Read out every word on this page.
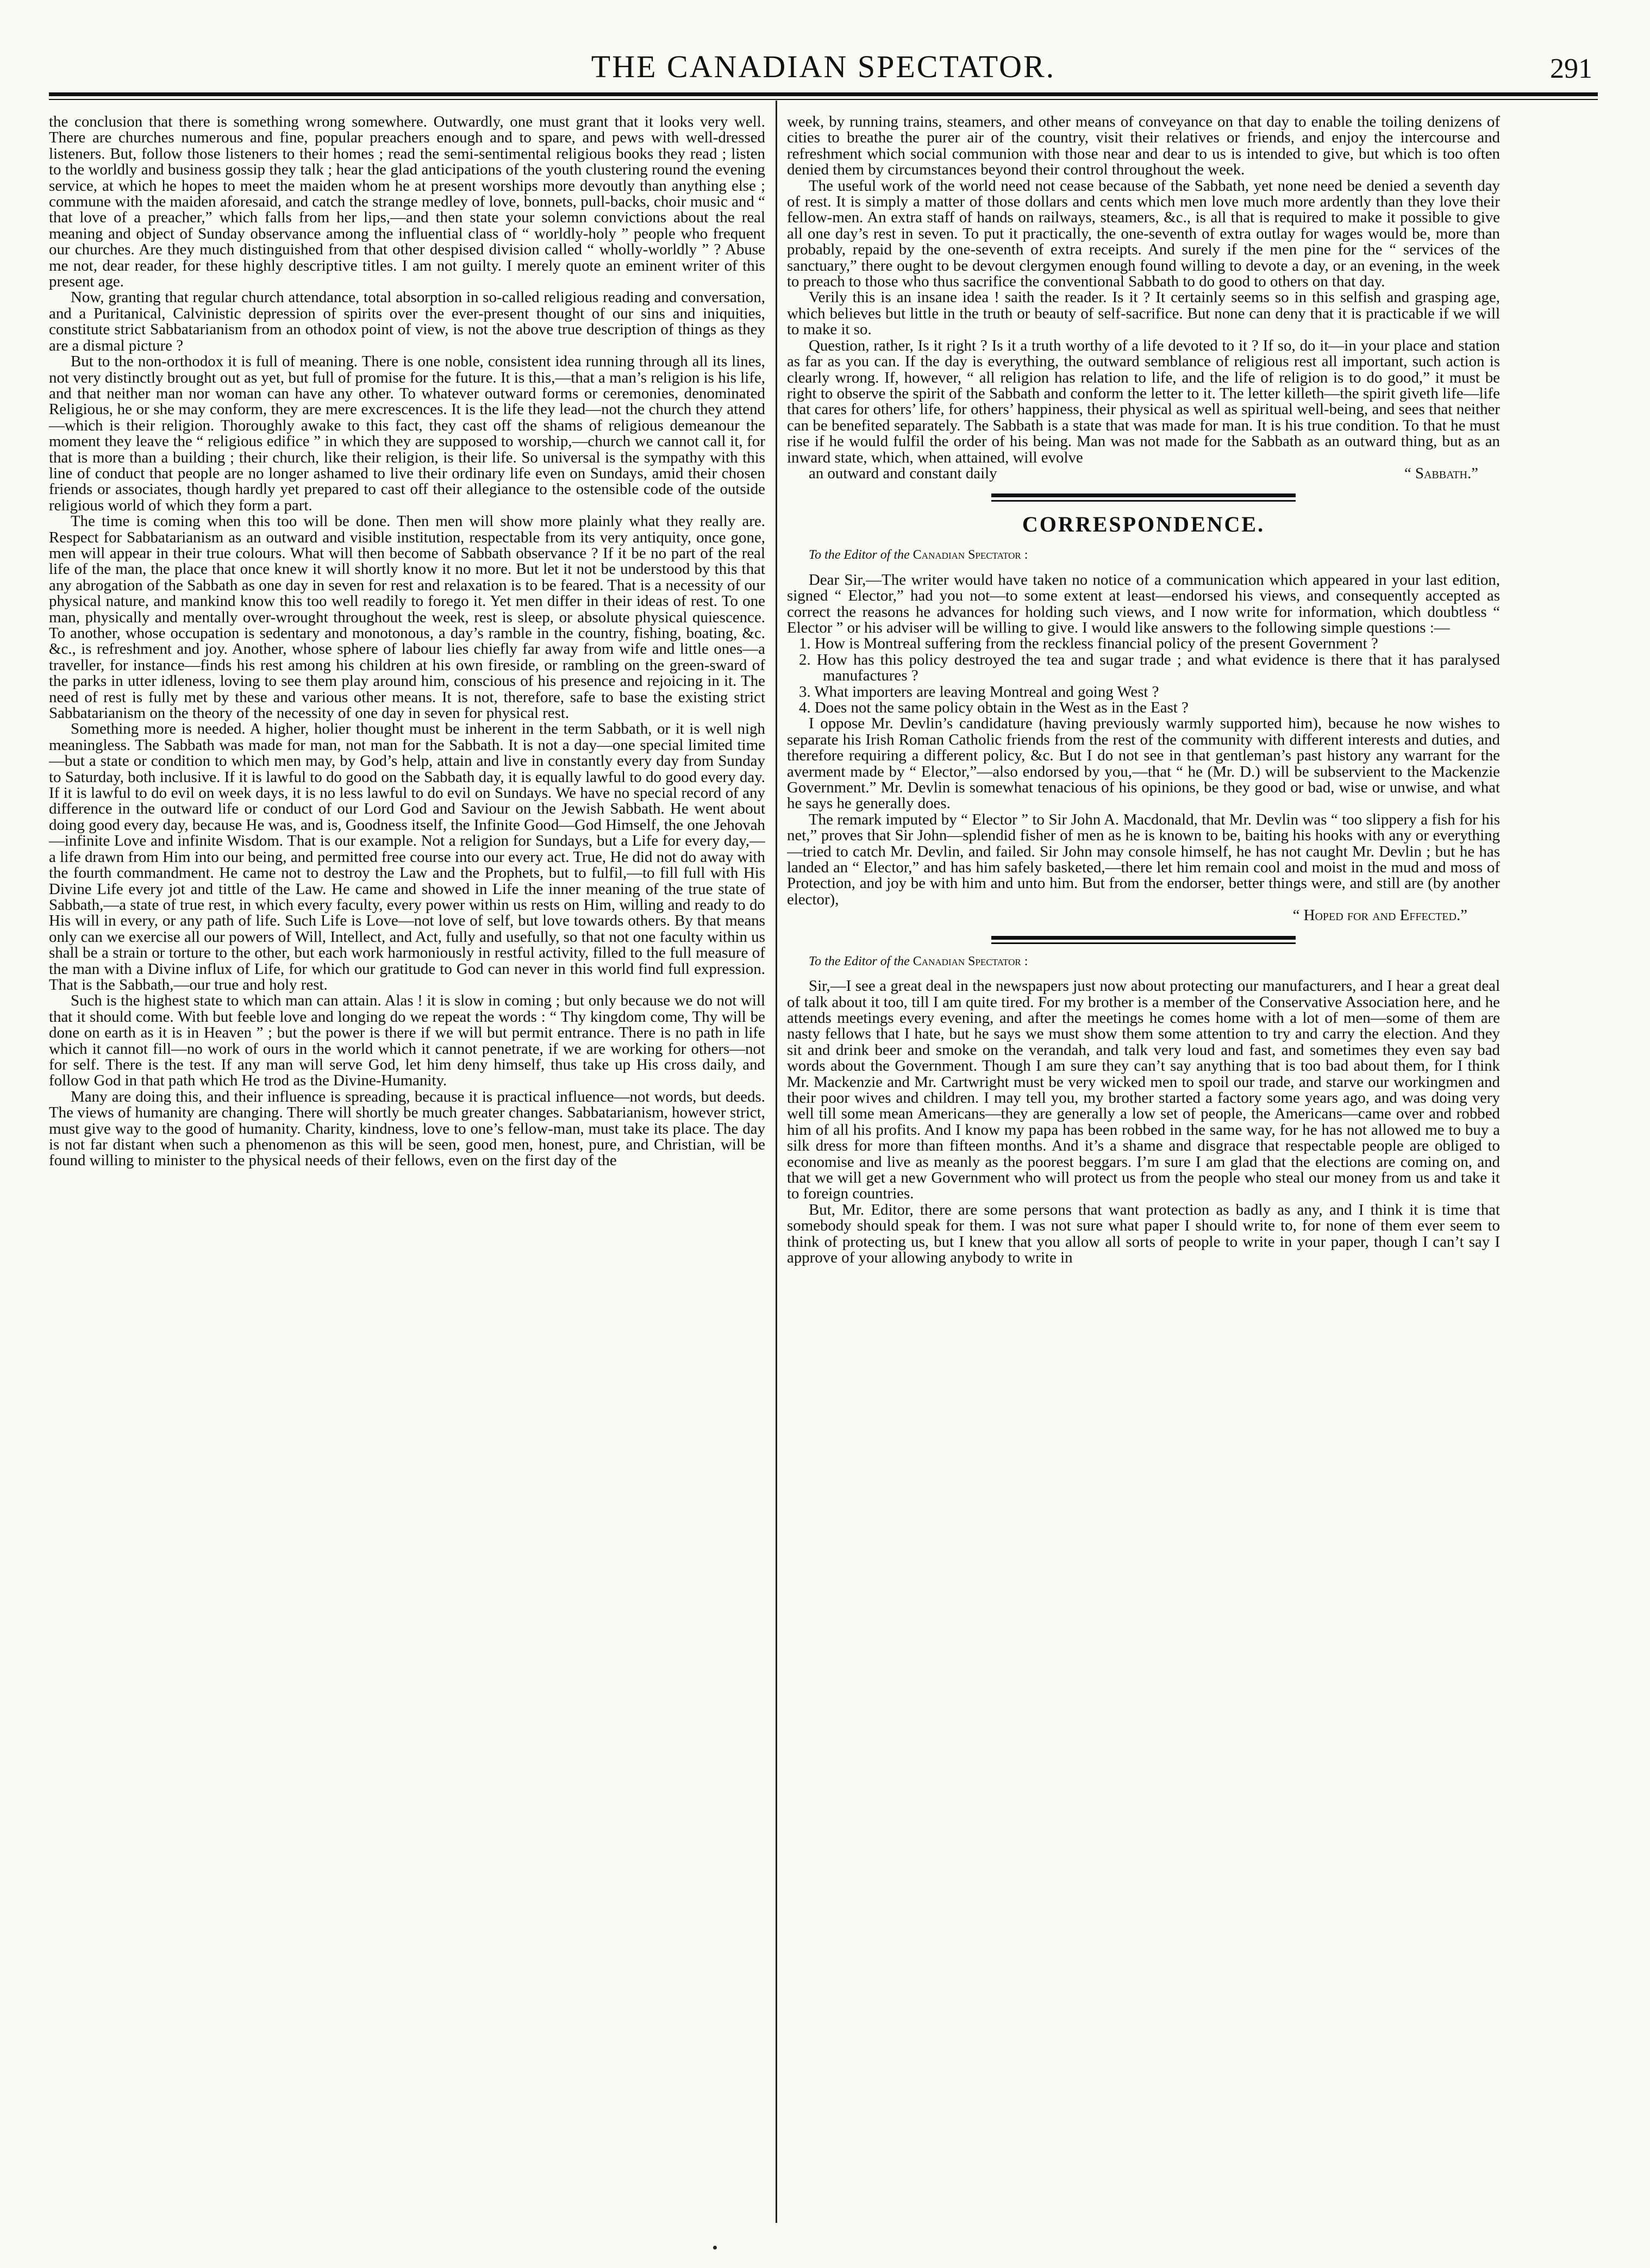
THE CANADIAN SPECTATOR.	291

the conclusion that there is something wrong somewhere. Outwardly, one must grant that it looks very well. There are churches numerous and fine, popular preachers enough and to spare, and pews with well-dressed listeners. But, follow those listeners to their homes ; read the semi-sentimental religious books they read ; listen to the worldly and business gossip they talk ; hear the glad anticipations of the youth clustering round the evening service, at which he hopes to meet the maiden whom he at present worships more devoutly than anything else ; commune with the maiden aforesaid, and catch the strange medley of love, bonnets, pull-backs, choir music and “ that love of a preacher,” which falls from her lips,—and then state your solemn convictions about the real meaning and object of Sunday observance among the influential class of “ worldly-holy ” people who frequent our churches. Are they much distinguished from that other despised division called “ wholly-worldly ” ? Abuse me not, dear reader, for these highly descriptive titles. I am not guilty. I merely quote an eminent writer of this present age.

Now, granting that regular church attendance, total absorption in so-called religious reading and conversation, and a Puritanical, Calvinistic depression of spirits over the ever-present thought of our sins and iniquities, constitute strict Sabbatarianism from an othodox point of view, is not the above true description of things as they are a dismal picture ?

But to the non-orthodox it is full of meaning. There is one noble, consistent idea running through all its lines, not very distinctly brought out as yet, but full of promise for the future. It is this,—that a man’s religion is his life, and that neither man nor woman can have any other. To whatever outward forms or ceremonies, denominated Religious, he or she may conform, they are mere excrescences. It is the life they lead—not the church they attend—which is their religion. Thoroughly awake to this fact, they cast off the shams of religious demeanour the moment they leave the “ religious edifice ” in which they are supposed to worship,—church we cannot call it, for that is more than a building ; their church, like their religion, is their life. So universal is the sympathy with this line of conduct that people are no longer ashamed to live their ordinary life even on Sundays, amid their chosen friends or associates, though hardly yet prepared to cast off their allegiance to the ostensible code of the outside religious world of which they form a part.

The time is coming when this too will be done. Then men will show more plainly what they really are. Respect for Sabbatarianism as an outward and visible institution, respectable from its very antiquity, once gone, men will appear in their true colours. What will then become of Sabbath observance ? If it be no part of the real life of the man, the place that once knew it will shortly know it no more. But let it not be understood by this that any abrogation of the Sabbath as one day in seven for rest and relaxation is to be feared. That is a necessity of our physical nature, and mankind know this too well readily to forego it. Yet men differ in their ideas of rest. To one man, physically and mentally over-wrought throughout the week, rest is sleep, or absolute physical quiescence. To another, whose occupation is sedentary and monotonous, a day’s ramble in the country, fishing, boating, &c. &c., is refreshment and joy. Another, whose sphere of labour lies chiefly far away from wife and little ones—a traveller, for instance—finds his rest among his children at his own fireside, or rambling on the green-sward of the parks in utter idleness, loving to see them play around him, conscious of his presence and rejoicing in it. The need of rest is fully met by these and various other means. It is not, therefore, safe to base the existing strict Sabbatarianism on the theory of the necessity of one day in seven for physical rest.

Something more is needed. A higher, holier thought must be inherent in the term Sabbath, or it is well nigh meaningless. The Sabbath was made for man, not man for the Sabbath. It is not a day—one special limited time—but a state or condition to which men may, by God’s help, attain and live in constantly every day from Sunday to Saturday, both inclusive. If it is lawful to do good on the Sabbath day, it is equally lawful to do good every day. If it is lawful to do evil on week days, it is no less lawful to do evil on Sundays. We have no special record of any difference in the outward life or conduct of our Lord God and Saviour on the Jewish Sabbath. He went about doing good every day, because He was, and is, Goodness itself, the Infinite Good—God Himself, the one Jehovah—infinite Love and infinite Wisdom. That is our example. Not a religion for Sundays, but a Life for every day,—a life drawn from Him into our being, and permitted free course into our every act. True, He did not do away with the fourth commandment. He came not to destroy the Law and the Prophets, but to fulfil,—to fill full with His Divine Life every jot and tittle of the Law. He came and showed in Life the inner meaning of the true state of Sabbath,—a state of true rest, in which every faculty, every power within us rests on Him, willing and ready to do His will in every, or any path of life. Such Life is Love—not love of self, but love towards others. By that means only can we exercise all our powers of Will, Intellect, and Act, fully and usefully, so that not one faculty within us shall be a strain or torture to the other, but each work harmoniously in restful activity, filled to the full measure of the man with a Divine influx of Life, for which our gratitude to God can never in this world find full expression. That is the Sabbath,—our true and holy rest.

Such is the highest state to which man can attain. Alas ! it is slow in coming ; but only because we do not will that it should come. With but feeble love and longing do we repeat the words : “ Thy kingdom come, Thy will be done on earth as it is in Heaven ” ; but the power is there if we will but permit entrance. There is no path in life which it cannot fill—no work of ours in the world which it cannot penetrate, if we are working for others—not for self. There is the test. If any man will serve God, let him deny himself, thus take up His cross daily, and follow God in that path which He trod as the Divine-Humanity.

Many are doing this, and their influence is spreading, because it is practical influence—not words, but deeds. The views of humanity are changing. There will shortly be much greater changes. Sabbatarianism, however strict, must give way to the good of humanity. Charity, kindness, love to one’s fellow-man, must take its place. The day is not far distant when such a phenomenon as this will be seen, good men, honest, pure, and Christian, will be found willing to minister to the physical needs of their fellows, even on the first day of the

week, by running trains, steamers, and other means of conveyance on that day to enable the toiling denizens of cities to breathe the purer air of the country, visit their relatives or friends, and enjoy the intercourse and refreshment which social communion with those near and dear to us is intended to give, but which is too often denied them by circumstances beyond their control throughout the week.

The useful work of the world need not cease because of the Sabbath, yet none need be denied a seventh day of rest. It is simply a matter of those dollars and cents which men love much more ardently than they love their fellow-men. An extra staff of hands on railways, steamers, &c., is all that is required to make it possible to give all one day’s rest in seven. To put it practically, the one-seventh of extra outlay for wages would be, more than probably, repaid by the one-seventh of extra receipts. And surely if the men pine for the “ services of the sanctuary,” there ought to be devout clergymen enough found willing to devote a day, or an evening, in the week to preach to those who thus sacrifice the conventional Sabbath to do good to others on that day.

Verily this is an insane idea ! saith the reader. Is it ? It certainly seems so in this selfish and grasping age, which believes but little in the truth or beauty of self-sacrifice. But none can deny that it is practicable if we will to make it so.

Question, rather, Is it right ? Is it a truth worthy of a life devoted to it ? If so, do it—in your place and station as far as you can. If the day is everything, the outward semblance of religious rest all important, such action is clearly wrong. If, however, “ all religion has relation to life, and the life of religion is to do good,” it must be right to observe the spirit of the Sabbath and conform the letter to it. The letter killeth—the spirit giveth life—life that cares for others’ life, for others’ happiness, their physical as well as spiritual well-being, and sees that neither can be benefited separately. The Sabbath is a state that was made for man. It is his true condition. To that he must rise if he would fulfil the order of his being. Man was not made for the Sabbath as an outward thing, but as an inward state, which, when attained, will evolve

an outward and constant daily	“ Sabbath.”

CORRESPONDENCE.

To the Editor of the Canadian Spectator :

Dear Sir,—The writer would have taken no notice of a communication which appeared in your last edition, signed “ Elector,” had you not—to some extent at least—endorsed his views, and consequently accepted as correct the reasons he advances for holding such views, and I now write for information, which doubtless “ Elector ” or his adviser will be willing to give. I would like answers to the following simple questions :—

1. How is Montreal suffering from the reckless financial policy of the present Government ?
2. How has this policy destroyed the tea and sugar trade ; and what evidence is there that it has paralysed manufactures ?
3. What importers are leaving Montreal and going West ?
4. Does not the same policy obtain in the West as in the East ?

I oppose Mr. Devlin’s candidature (having previously warmly supported him), because he now wishes to separate his Irish Roman Catholic friends from the rest of the community with different interests and duties, and therefore requiring a different policy, &c. But I do not see in that gentleman’s past history any warrant for the averment made by “ Elector,”—also endorsed by you,—that “ he (Mr. D.) will be subservient to the Mackenzie Government.” Mr. Devlin is somewhat tenacious of his opinions, be they good or bad, wise or unwise, and what he says he generally does.

The remark imputed by “ Elector ” to Sir John A. Macdonald, that Mr. Devlin was “ too slippery a fish for his net,” proves that Sir John—splendid fisher of men as he is known to be, baiting his hooks with any or everything—tried to catch Mr. Devlin, and failed. Sir John may console himself, he has not caught Mr. Devlin ; but he has landed an “ Elector,” and has him safely basketed,—there let him remain cool and moist in the mud and moss of Protection, and joy be with him and unto him. But from the endorser, better things were, and still are (by another elector),

“ Hoped for and Effected.”

To the Editor of the Canadian Spectator :

Sir,—I see a great deal in the newspapers just now about protecting our manufacturers, and I hear a great deal of talk about it too, till I am quite tired. For my brother is a member of the Conservative Association here, and he attends meetings every evening, and after the meetings he comes home with a lot of men—some of them are nasty fellows that I hate, but he says we must show them some attention to try and carry the election. And they sit and drink beer and smoke on the verandah, and talk very loud and fast, and sometimes they even say bad words about the Government. Though I am sure they can’t say anything that is too bad about them, for I think Mr. Mackenzie and Mr. Cartwright must be very wicked men to spoil our trade, and starve our workingmen and their poor wives and children. I may tell you, my brother started a factory some years ago, and was doing very well till some mean Americans—they are generally a low set of people, the Americans—came over and robbed him of all his profits. And I know my papa has been robbed in the same way, for he has not allowed me to buy a silk dress for more than fifteen months. And it’s a shame and disgrace that respectable people are obliged to economise and live as meanly as the poorest beggars. I’m sure I am glad that the elections are coming on, and that we will get a new Government who will protect us from the people who steal our money from us and take it to foreign countries.

But, Mr. Editor, there are some persons that want protection as badly as any, and I think it is time that somebody should speak for them. I was not sure what paper I should write to, for none of them ever seem to think of protecting us, but I knew that you allow all sorts of people to write in your paper, though I can’t say I approve of your allowing anybody to write in
